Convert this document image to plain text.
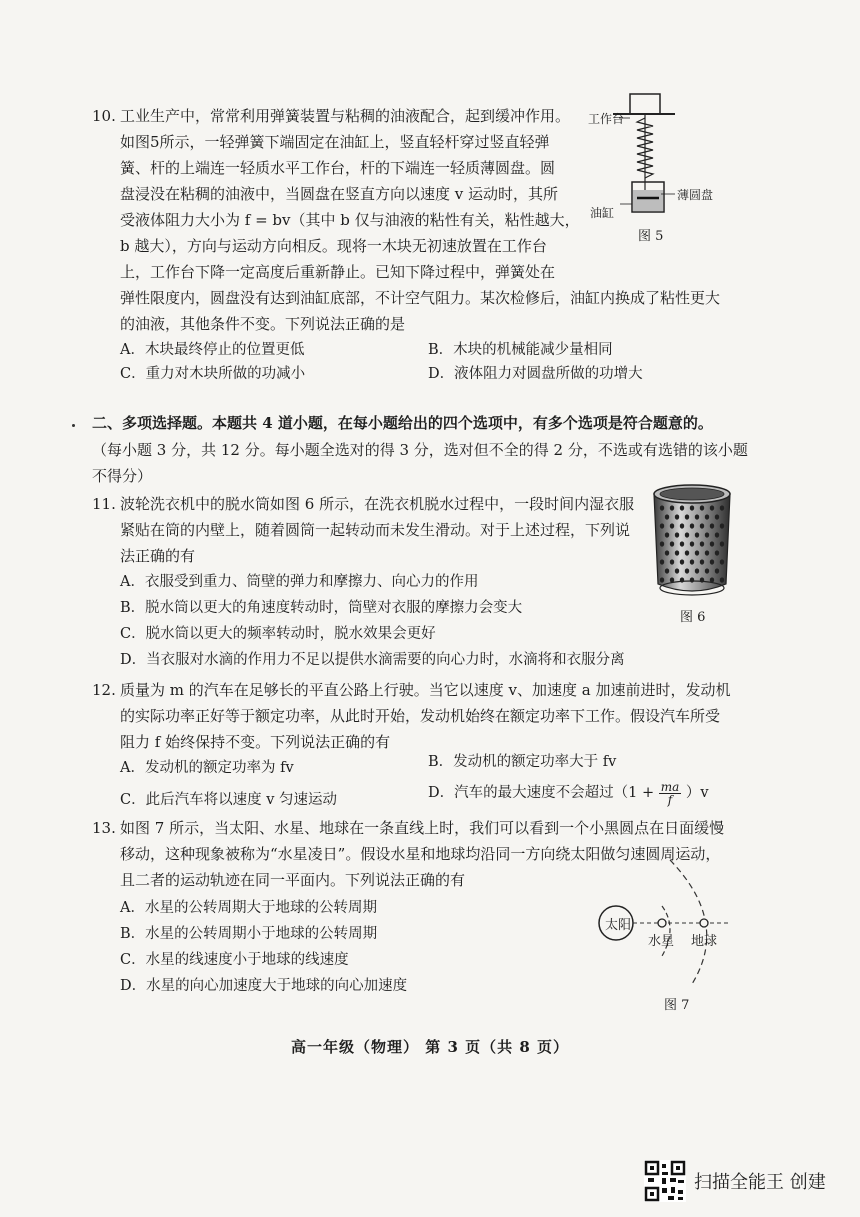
10. 工业生产中，常常利用弹簧装置与粘稠的油液配合，起到缓冲作用。
如图5所示，一轻弹簧下端固定在油缸上，竖直轻杆穿过竖直轻弹
簧、杆的上端连一轻质水平工作台，杆的下端连一轻质薄圆盘。圆
盘浸没在粘稠的油液中，当圆盘在竖直方向以速度 v 运动时，其所
受液体阻力大小为 f = bv（其中 b 仅与油液的粘性有关，粘性越大，
b 越大），方向与运动方向相反。现将一木块无初速放置在工作台
上，工作台下降一定高度后重新静止。已知下降过程中，弹簧处在
弹性限度内，圆盘没有达到油缸底部，不计空气阻力。某次检修后，油缸内换成了粘性更大
的油液，其他条件不变。下列说法正确的是
A．木块最终停止的位置更低	B．木块的机械能减少量相同
C．重力对木块所做的功减小	D．液体阻力对圆盘所做的功增大
工作台
薄圆盘
油缸
图 5
二、多项选择题。本题共 4 道小题，在每小题给出的四个选项中，有多个选项是符合题意的。
（每小题 3 分，共 12 分。每小题全选对的得 3 分，选对但不全的得 2 分，不选或有选错的该小题
不得分）
11. 波轮洗衣机中的脱水筒如图 6 所示，在洗衣机脱水过程中，一段时间内湿衣服
紧贴在筒的内壁上，随着圆筒一起转动而未发生滑动。对于上述过程，下列说
法正确的有
A．衣服受到重力、筒壁的弹力和摩擦力、向心力的作用
B．脱水筒以更大的角速度转动时，筒壁对衣服的摩擦力会变大
C．脱水筒以更大的频率转动时，脱水效果会更好
D．当衣服对水滴的作用力不足以提供水滴需要的向心力时，水滴将和衣服分离
图 6
12. 质量为 m 的汽车在足够长的平直公路上行驶。当它以速度 v、加速度 a 加速前进时，发动机
的实际功率正好等于额定功率，从此时开始，发动机始终在额定功率下工作。假设汽车所受
阻力 f 始终保持不变。下列说法正确的有
A．发动机的额定功率为 fv	B．发动机的额定功率大于 fv
C．此后汽车将以速度 v 匀速运动	D．汽车的最大速度不会超过$(1 + \frac{ma}{f} )v$
13. 如图 7 所示，当太阳、水星、地球在一条直线上时，我们可以看到一个小黑圆点在日面缓慢
移动，这种现象被称为“水星凌日”。假设水星和地球均沿同一方向绕太阳做匀速圆周运动，
且二者的运动轨迹在同一平面内。下列说法正确的有
A．水星的公转周期大于地球的公转周期
B．水星的公转周期小于地球的公转周期
C．水星的线速度小于地球的线速度
D．水星的向心加速度大于地球的向心加速度
太阳
水星 地球
图 7
高一年级（物理） 第 3 页（共 8 页）
扫描全能王 创建
